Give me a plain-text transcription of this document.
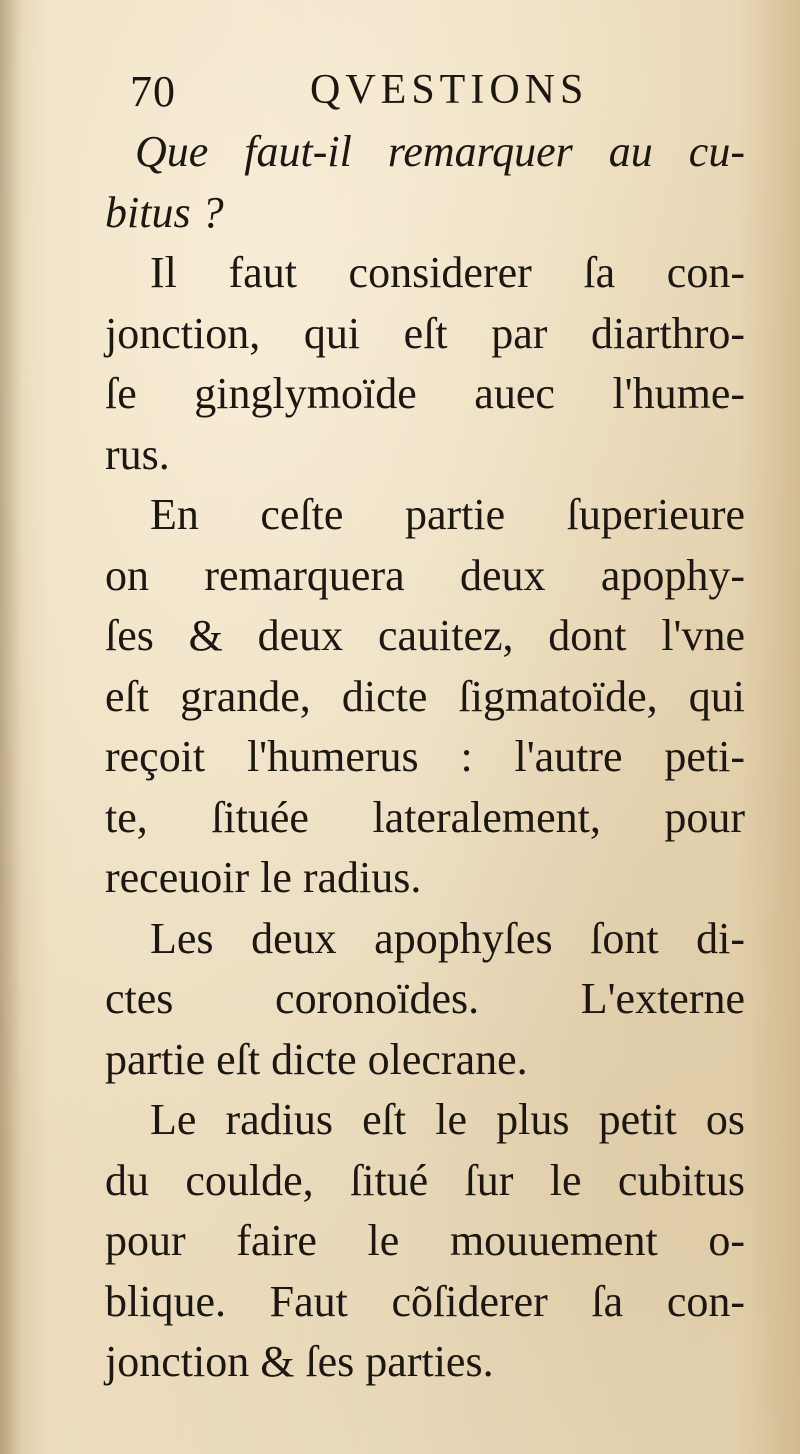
70	QVESTIONS
Que faut-il remarquer au cu-
bitus ?
Il faut considerer ſa con-
jonction, qui eſt par diarthro-
ſe ginglymoïde auec l'hume-
rus.
En ceſte partie ſuperieure
on remarquera deux apophy-
ſes & deux cauitez, dont l'vne
eſt grande, dicte ſigmatoïde, qui
reçoit l'humerus : l'autre peti-
te, ſituée lateralement, pour
receuoir le radius.
Les deux apophyſes ſont di-
ctes coronoïdes. L'externe
partie eſt dicte olecrane.
Le radius eſt le plus petit os
du coulde, ſitué ſur le cubitus
pour faire le mouuement o-
blique. Faut cõſiderer ſa con-
jonction & ſes parties.
